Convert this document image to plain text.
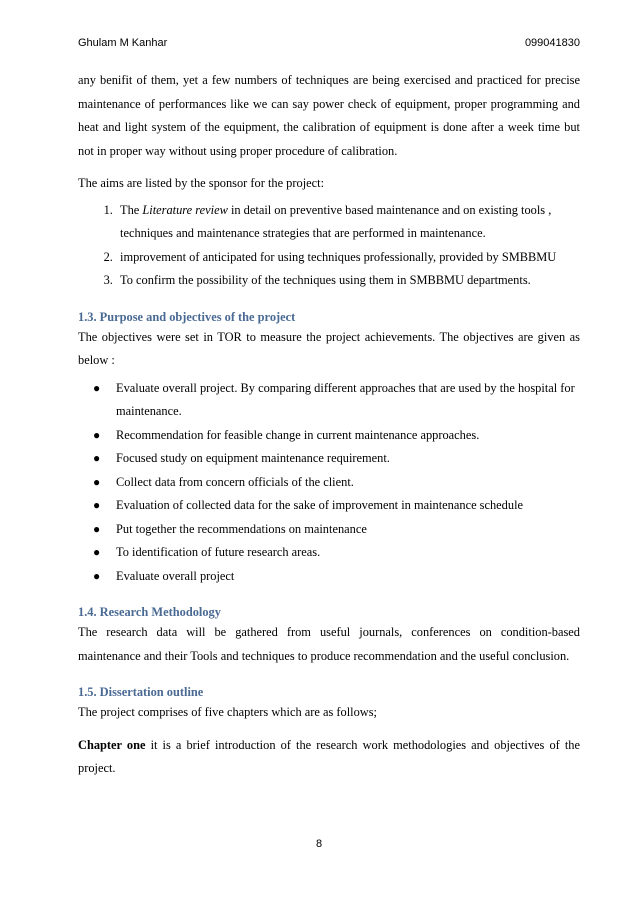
Ghulam M Kanhar	099041830

any benifit of them, yet a few numbers of techniques are being exercised and practiced for precise maintenance of performances like we can say power check of equipment, proper programming and heat and light system of the equipment, the calibration of equipment is done after a week time but not in proper way without using proper procedure of calibration.

The aims are listed by the sponsor for the project:

1. The Literature review in detail on preventive based maintenance and on existing tools , techniques and maintenance strategies that are performed in maintenance.
2. improvement of anticipated for using techniques professionally, provided by SMBBMU
3. To confirm the possibility of the techniques using them in SMBBMU departments.

1.3. Purpose and objectives of the project

The objectives were set in TOR to measure the project achievements. The objectives are given as below :

● Evaluate overall project. By comparing different approaches that are used by the hospital for maintenance.
● Recommendation for feasible change in current maintenance approaches.
● Focused study on equipment maintenance requirement.
● Collect data from concern officials of the client.
● Evaluation of collected data for the sake of improvement in maintenance schedule
● Put together the recommendations on maintenance
● To identification of future research areas.
● Evaluate overall project

1.4. Research Methodology

The research data will be gathered from useful journals, conferences on condition-based maintenance and their Tools and techniques to produce recommendation and the useful conclusion.

1.5. Dissertation outline

The project comprises of five chapters which are as follows;

Chapter one it is a brief introduction of the research work methodologies and objectives of the project.

8
